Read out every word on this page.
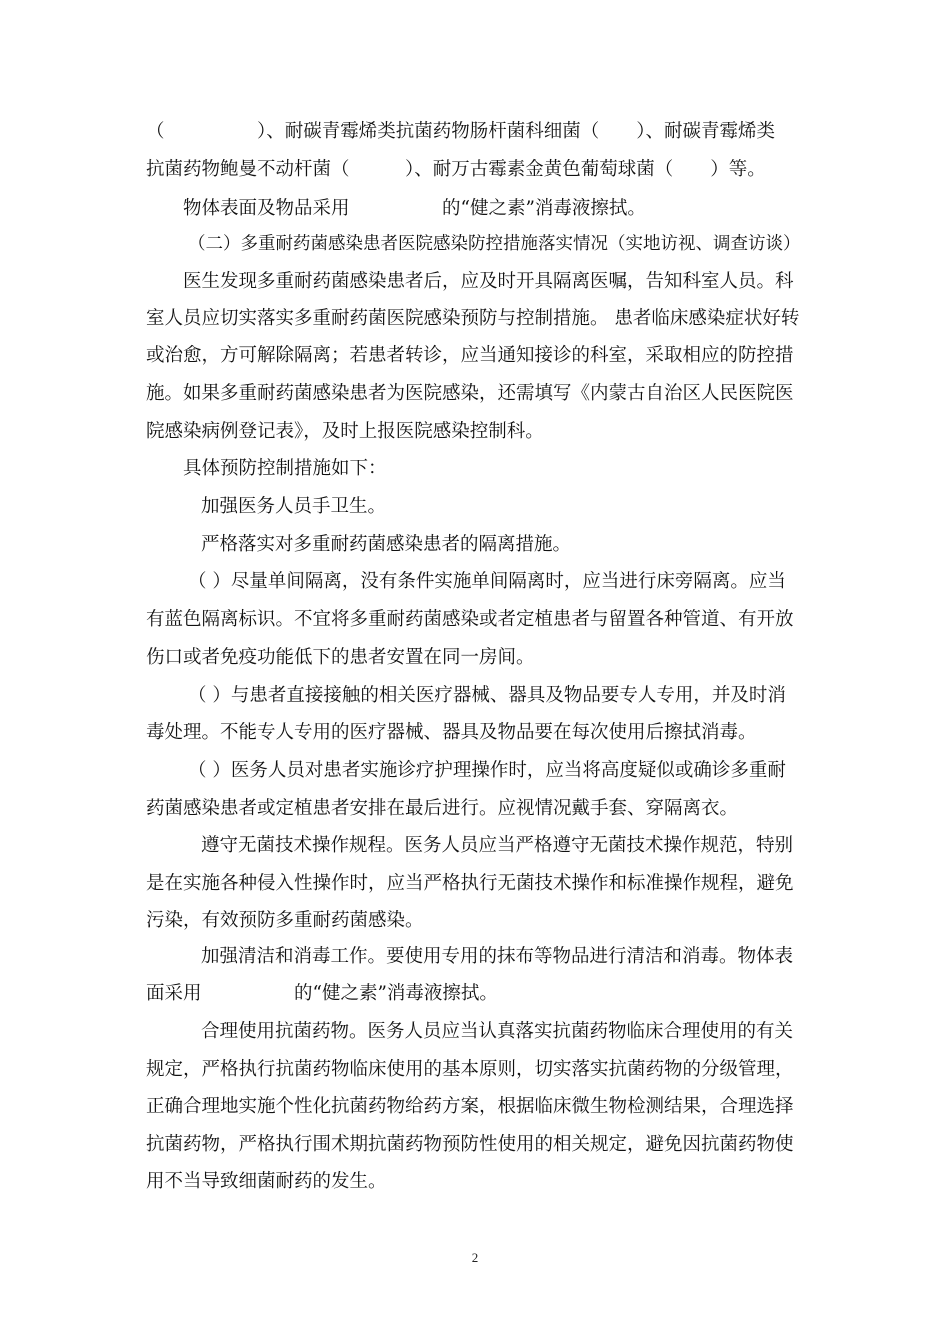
（　　　　　）、耐碳青霉烯类抗菌药物肠杆菌科细菌（　　）、耐碳青霉烯类
抗菌药物鲍曼不动杆菌（　　　）、耐万古霉素金黄色葡萄球菌（　　）等。
　　物体表面及物品采用　　　　　的“健之素”消毒液擦拭。
（二）多重耐药菌感染患者医院感染防控措施落实情况（实地访视、调查访谈）
医生发现多重耐药菌感染患者后，应及时开具隔离医嘱，告知科室人员。科
室人员应切实落实多重耐药菌医院感染预防与控制措施。 患者临床感染症状好转
或治愈，方可解除隔离；若患者转诊，应当通知接诊的科室，采取相应的防控措
施。如果多重耐药菌感染患者为医院感染，还需填写《内蒙古自治区人民医院医
院感染病例登记表》，及时上报医院感染控制科。
具体预防控制措施如下：
加强医务人员手卫生。
严格落实对多重耐药菌感染患者的隔离措施。
（ ）尽量单间隔离，没有条件实施单间隔离时，应当进行床旁隔离。应当
有蓝色隔离标识。不宜将多重耐药菌感染或者定植患者与留置各种管道、有开放
伤口或者免疫功能低下的患者安置在同一房间。
（ ）与患者直接接触的相关医疗器械、器具及物品要专人专用，并及时消
毒处理。不能专人专用的医疗器械、器具及物品要在每次使用后擦拭消毒。
（ ）医务人员对患者实施诊疗护理操作时，应当将高度疑似或确诊多重耐
药菌感染患者或定植患者安排在最后进行。应视情况戴手套、穿隔离衣。
遵守无菌技术操作规程。医务人员应当严格遵守无菌技术操作规范，特别
是在实施各种侵入性操作时，应当严格执行无菌技术操作和标准操作规程，避免
污染，有效预防多重耐药菌感染。
加强清洁和消毒工作。要使用专用的抹布等物品进行清洁和消毒。物体表
面采用　　　　　的“健之素”消毒液擦拭。
合理使用抗菌药物。医务人员应当认真落实抗菌药物临床合理使用的有关
规定，严格执行抗菌药物临床使用的基本原则，切实落实抗菌药物的分级管理，
正确合理地实施个性化抗菌药物给药方案，根据临床微生物检测结果，合理选择
抗菌药物，严格执行围术期抗菌药物预防性使用的相关规定，避免因抗菌药物使
用不当导致细菌耐药的发生。
2
